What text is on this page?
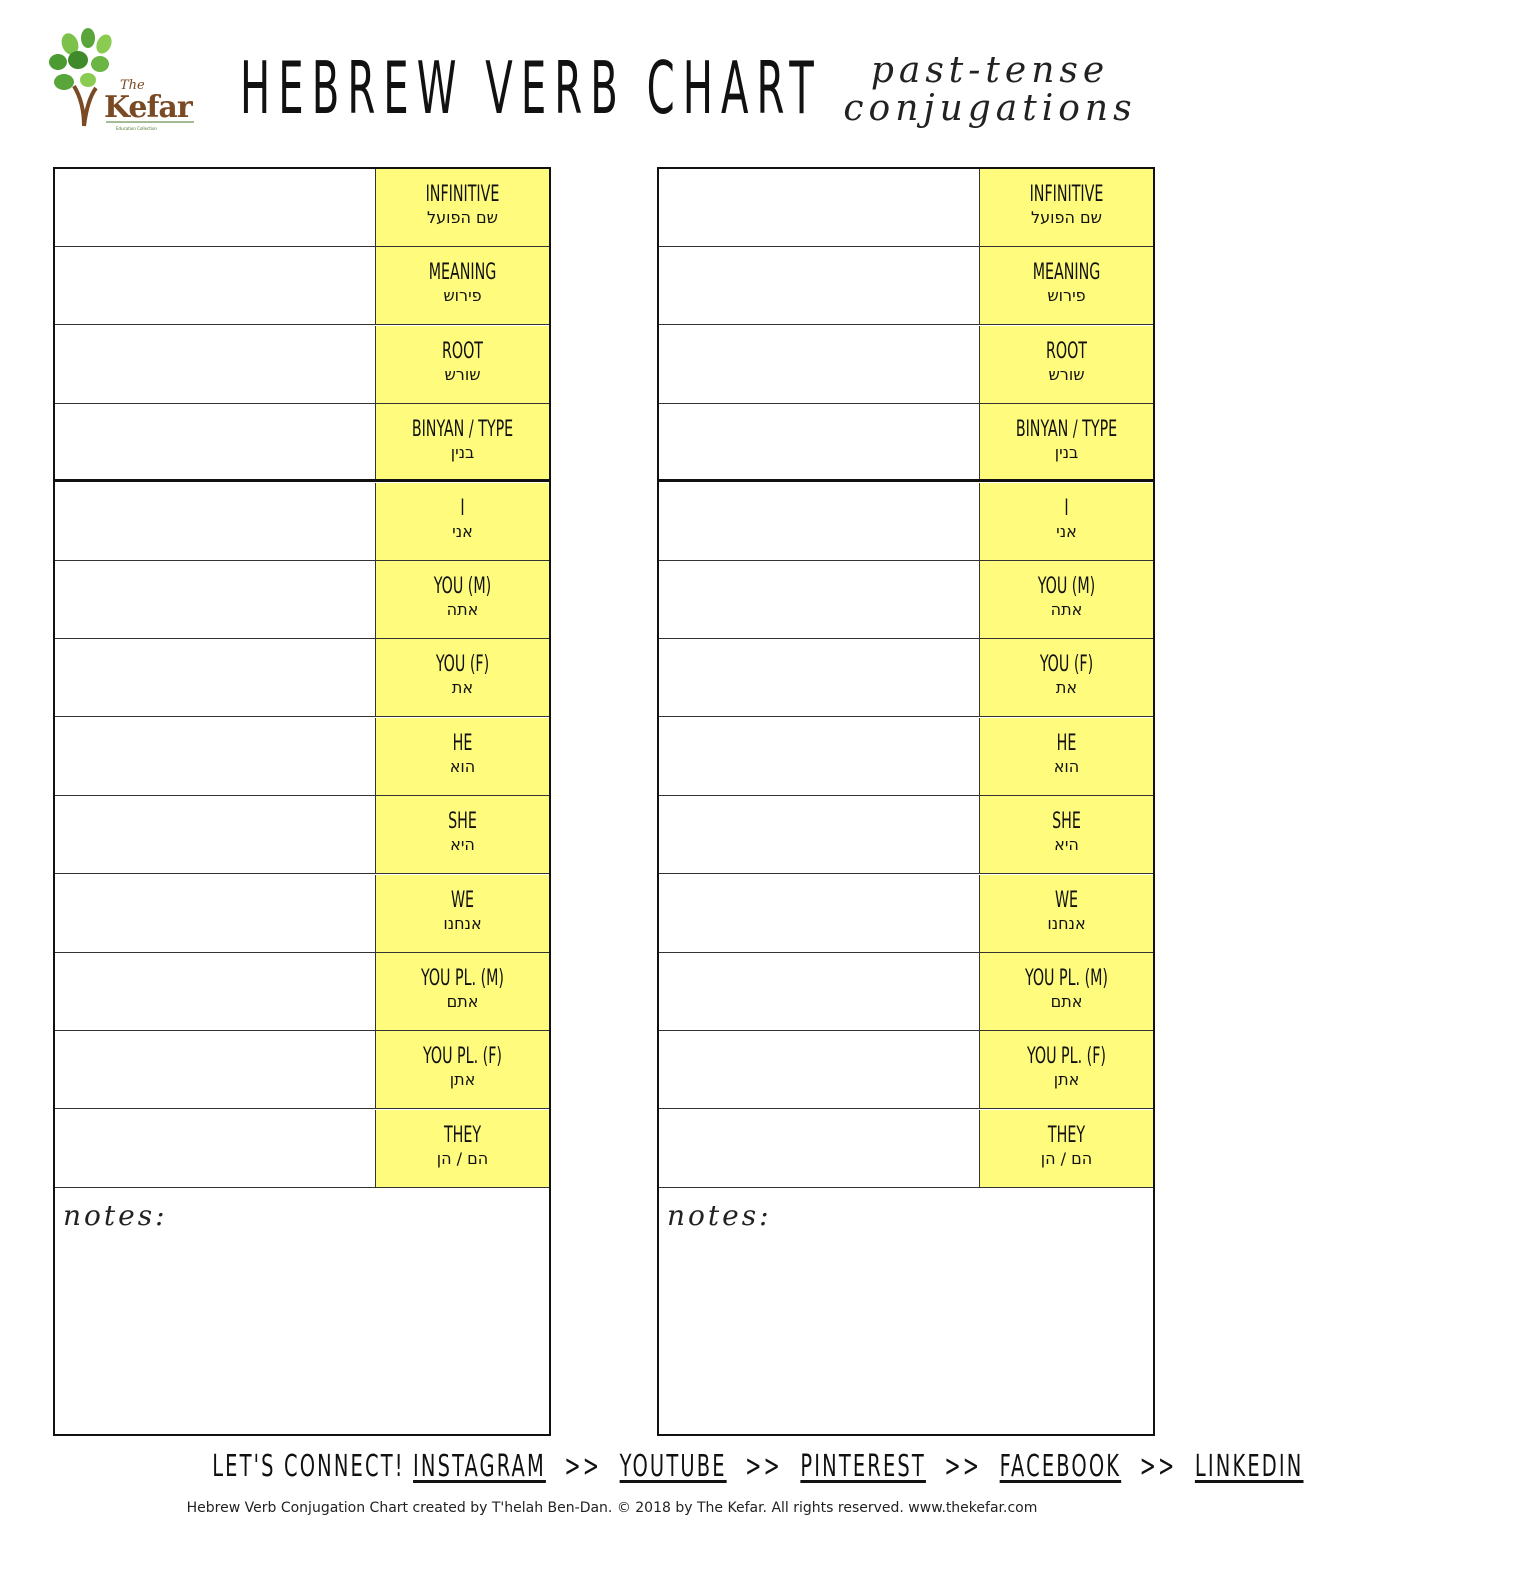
The
Kefar
Education Collection HEBREW VERB CHART	past-tense
conjugations
INFINITIVE
שם הפועל
MEANING
פירוש
ROOT
שורש
BINYAN / TYPE
בנין
I
אני
YOU (M)
אתה
YOU (F)
את
HE
הוא
SHE
היא
WE
אנחנו
YOU PL. (M)
אתם
YOU PL. (F)
אתן
THEY
הם / הן
notes:
INFINITIVE
שם הפועל
MEANING
פירוש
ROOT
שורש
BINYAN / TYPE
בנין
I
אני
YOU (M)
אתה
YOU (F)
את
HE
הוא
SHE
היא
WE
אנחנו
YOU PL. (M)
אתם
YOU PL. (F)
אתן
THEY
הם / הן
notes:
LET'S CONNECT! INSTAGRAM >> YOUTUBE >> PINTEREST >> FACEBOOK >> LINKEDIN
Hebrew Verb Conjugation Chart created by T'helah Ben-Dan. © 2018 by The Kefar. All rights reserved. www.thekefar.com
